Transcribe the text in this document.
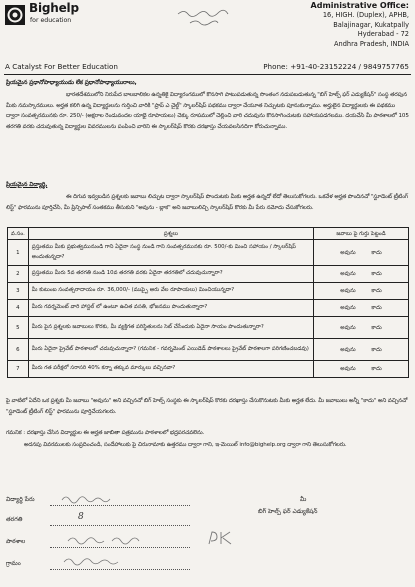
Bighelp
for education
Administrative Office:
16, HIGH. (Duplex), APHB,
Balajinagar, Kukatpally
Hyderabad - 72
Andhra Pradesh, INDIA
A Catalyst For Better Education	Phone: +91-40-23152224 / 9849757765
ప్రియమైన ప్రధానోపాధ్యాయుడు లేక ప్రధానోపాధ్యాయురాలు,
భారతదేశములోని నిరుపేద బాలబాలికల ఉన్నతికై విద్యారంగములో కొనసాగి పాటుపడుతున్న సొంతంగ నడుపబడుతున్న "బిగ్ హెల్ప్ ఫర్ ఎడ్యుకేషన్" సంస్థ తరపున మీకు నమస్కారములు. అర్హత కలిగి ఉన్న విద్యార్థులను గుర్తించి వారికి "ప్రాప్ ఎ చైల్డ్" స్కాలర్‌షిప్ పథకము ద్వారా చేయూత నిచ్చుటకు పూనుకున్నాము. అర్హులైన విద్యార్థులకు ఈ పథకము ద్వారా సంవత్సరమునకు రూ. 250/- (అక్షరాల రెండువందల యాభై రూపాయలు) చెక్కు రూపములో చెల్లించి వారి చదువును కొనసాగించుటకు సహాయపడగలము. దయచేసి మీ పాఠశాలలో 105 తరగతి వరకు చదువుతున్న విద్యార్థుల వివరములను పంపించి వారిని ఈ స్కాలర్‌షిప్ కొరకు దరఖాస్తు చేయవలసినదిగా కోరుచున్నాము.
ప్రియమైన విద్యార్థి,
ఈ దిగువ ఇవ్వబడిన ప్రశ్నలకు జవాబు లిచ్చుట ద్వారా స్కాలర్‌షిప్ పొందుటకు మీకు అర్హత ఉన్నదో లేదో తెలుసుకోగలరు. ఒకవేళ అర్హత పొందినచో "స్టూడెంట్ ట్రీటింగ్ లిస్ట్" ఫారమును పూర్తిచేసి, మీ ప్రిన్సిపాల్ సంతకము తీసుకుని "అవును - బ్లాక" అని జవాబులిచ్చి స్కాలర్‌షిప్ కొరకు మీ పేరు నమోదు చేసుకోగలరు.
వ.సం.	ప్రశ్నలు	జవాబు పై గుర్తు పెట్టండి
1	ప్రస్తుతము మీకు ప్రభుత్వమునుండి గాని ఏదైనా సంస్థ నుండి గాని సంవత్సరమునకు రూ. 500/-కు మించి సహాయం / స్కాలర్‌షిప్ అందుతున్నదా?	అవును కాదు
2	ప్రస్తుతము మీరు 5వ తరగతి నుండి 10వ తరగతి వరకు ఏదైనా తరగతిలో చదువుచున్నారా?	అవును కాదు
3	మీ కుటుంబ సంవత్సరాదాయం రూ. 36,000/- (ముప్పై ఆరు వేల రూపాయలు) మించియున్నదా?	అవును కాదు
4	మీరు గవర్నమెంట్ వారి హాస్టల్ లో ఉంటూ ఉచిత వసతి, భోజనము పొందుతున్నారా?	అవును కాదు
5	మీరు పైన ప్రశ్నలకు జవాబులు కొరకు, మీ వ్యక్తిగత పరిస్థితులను సెట్ చేసేందుకు ఏదైనా సాయం పొందుతున్నారా?	అవును కాదు
6	మీరు ఏదైనా ప్రైవేట్ పాఠశాలలో చదువుచున్నారా? (గమనిక - గవర్నమెంట్ ఎయిడెడ్ పాఠశాలలు ప్రైవేట్ పాఠశాలగా పరిగణించబడవు)	అవును కాదు
7	మీరు గత పరీక్షలో సరాసరి 40% కన్నా తక్కువ మార్కులు వచ్చినవా?	అవును కాదు
పై వాటిలో ఏదేని ఒక ప్రశ్నకు మీ జవాబు "అవును" అని వచ్చినచో బిగ్ హెల్ప్ సంస్థకు ఈ స్కాలర్‌షిప్ కొరకు దరఖాస్తు చేసుకొనుటకు మీకు అర్హత లేదు. మీ జవాబులు అన్నీ "కాదు" అని వచ్చినచో "స్టూడెంట్ ట్రీటింగ్ లిస్ట్" ఫారమును పూర్తిచేయగలరు.
గమనిక : దరఖాస్తు చేసిన విద్యార్థుల ఈ అర్హత జాబితా పత్రమును పాఠశాలలో భద్రపరచవలెను.
అదనపు వివరములకు సంప్రదించండి, సందేహాలుకు పై చిరునామాకు ఉత్తరము ద్వారా గాని, ఇ-మెయిల్ info@bighelp.org ద్వారా గాని తెలుసుకోగలరు.
విద్యార్థి పేరు	మీ
బిగ్ హెల్ప్ ఫర్ ఎడ్యుకేషన్
తరగతి	8
పాఠశాల
గ్రామం
